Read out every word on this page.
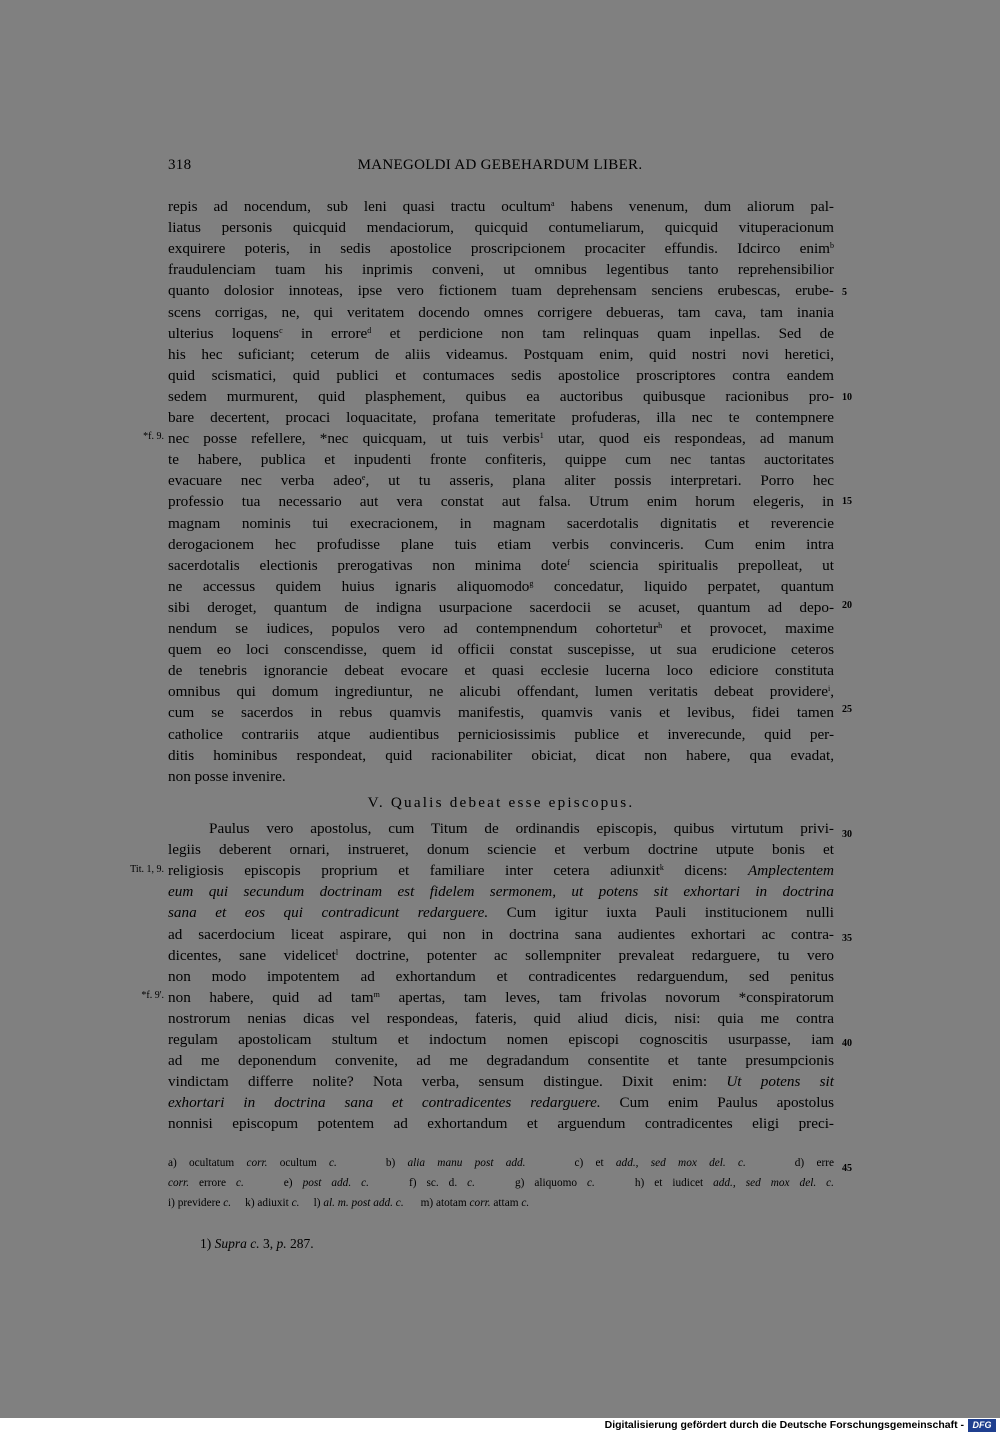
318	MANEGOLDI AD GEBEHARDUM LIBER.
repis ad nocendum, sub leni quasi tractu ocultum$^a$ habens venenum, dum aliorum pal-
liatus personis quicquid mendaciorum, quicquid contumeliarum, quicquid vituperacionum
exquirere poteris, in sedis apostolice proscripcionem procaciter effundis. Idcirco enim$^b$
fraudulenciam tuam his inprimis conveni, ut omnibus legentibus tanto reprehensibilior
quanto dolosior innoteas, ipse vero fictionem tuam deprehensam senciens erubescas, erube-
scens corrigas, ne, qui veritatem docendo omnes corrigere debueras, tam cava, tam inania
ulterius loquens$^c$ in errore$^d$ et perdicione non tam relinquas quam inpellas. Sed de
his hec suficiant; ceterum de aliis videamus. Postquam enim, quid nostri novi heretici,
quid scismatici, quid publici et contumaces sedis apostolice proscriptores contra eandem
sedem murmurent, quid plasphement, quibus ea auctoribus quibusque racionibus pro-
bare decertent, procaci loquacitate, profana temeritate profuderas, illa nec te contempnere
nec posse refellere, *nec quicquam, ut tuis verbis$^1$ utar, quod eis respondeas, ad manum
te habere, publica et inpudenti fronte confiteris, quippe cum nec tantas auctoritates
evacuare nec verba adeo$^e$, ut tu asseris, plana aliter possis interpretari. Porro hec
professio tua necessario aut vera constat aut falsa. Utrum enim horum elegeris, in
magnam nominis tui execracionem, in magnam sacerdotalis dignitatis et reverencie
derogacionem hec profudisse plane tuis etiam verbis convinceris. Cum enim intra
sacerdotalis electionis prerogativas non minima dote$^f$ sciencia spiritualis prepolleat, ut
ne accessus quidem huius ignaris aliquomodo$^g$ concedatur, liquido perpatet, quantum
sibi deroget, quantum de indigna usurpacione sacerdocii se acuset, quantum ad depo-
nendum se iudices, populos vero ad contempnendum cohortetur$^h$ et provocet, maxime
quem eo loci conscendisse, quem id officii constat suscepisse, ut sua erudicione ceteros
de tenebris ignorancie debeat evocare et quasi ecclesie lucerna loco ediciore constituta
omnibus qui domum ingrediuntur, ne alicubi offendant, lumen veritatis debeat providere$^i$,
cum se sacerdos in rebus quamvis manifestis, quamvis vanis et levibus, fidei tamen
catholice contrariis atque audientibus perniciosissimis publice et inverecunde, quid per-
ditis hominibus respondeat, quid racionabiliter obiciat, dicat non habere, qua evadat,
non posse invenire.
V. Qualis debeat esse episcopus.
Paulus vero apostolus, cum Titum de ordinandis episcopis, quibus virtutum privi-
legiis deberent ornari, instrueret, donum sciencie et verbum doctrine utpute bonis et
religiosis episcopis proprium et familiare inter cetera adiunxit$^k$ dicens: Amplectentem
eum qui secundum doctrinam est fidelem sermonem, ut potens sit exhortari in doctrina
sana et eos qui contradicunt redarguere. Cum igitur iuxta Pauli institucionem nulli
ad sacerdocium liceat aspirare, qui non in doctrina sana audientes exhortari ac contra-
dicentes, sane videlicet$^l$ doctrine, potenter ac sollempniter prevaleat redarguere, tu vero
non modo impotentem ad exhortandum et contradicentes redarguendum, sed penitus
non habere, quid ad tam$^m$ apertas, tam leves, tam frivolas novorum *conspiratorum
nostrorum nenias dicas vel respondeas, fateris, quid aliud dicis, nisi: quia me contra
regulam apostolicam stultum et indoctum nomen episcopi cognoscitis usurpasse, iam
ad me deponendum convenite, ad me degradandum consentite et tante presumpcionis
vindictam differre nolite? Nota verba, sensum distingue. Dixit enim: Ut potens sit
exhortari in doctrina sana et contradicentes redarguere. Cum enim Paulus apostolus
nonnisi episcopum potentem ad exhortandum et arguendum contradicentes eligi preci-
5
10
15
20
25
30
35
40
45
*f. 9.
Tit. 1, 9.
*f. 9'.
a) ocultatum corr. ocultum c.    b) alia manu post add.    c) et add., sed mox del. c.    d) erre
corr. errore c.    e) post add. c.    f) sc. d. c.    g) aliquomo c.    h) et iudicet add., sed mox del. c.
i) previdere c.     k) adiuxit c.     l) al. m. post add. c.      m) atotam corr. attam c.
1) Supra c. 3, p. 287.
Digitalisierung gefördert durch die Deutsche Forschungsgemeinschaft - DFG
